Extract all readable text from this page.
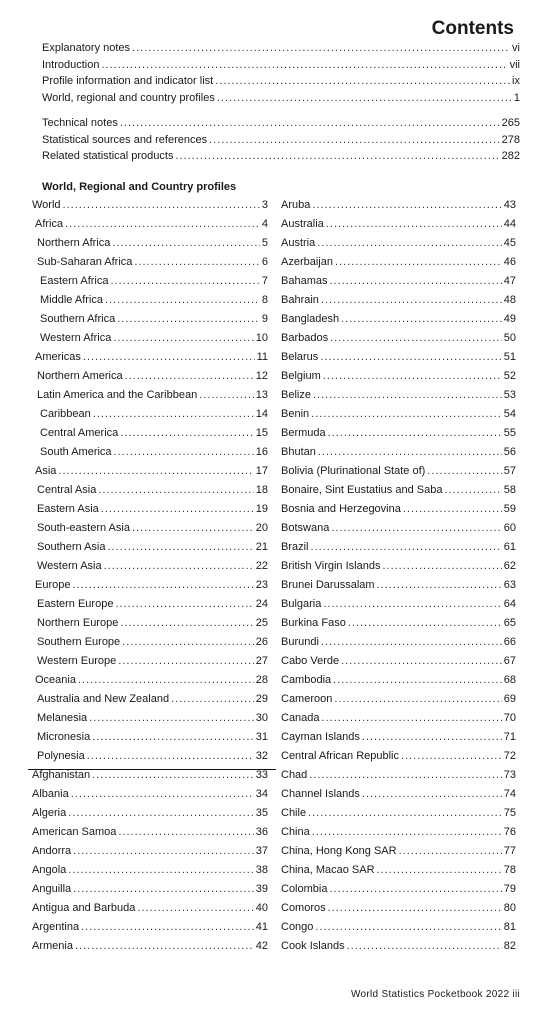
Contents
Explanatory notes .....	vi
Introduction .....	vii
Profile information and indicator list .....	ix
World, regional and country profiles .....	1
Technical notes .....	265
Statistical sources and references .....	278
Related statistical products .....	282
World, Regional and Country profiles
World .....	3
Africa .....	4
Northern Africa .....	5
Sub-Saharan Africa .....	6
Eastern Africa .....	7
Middle Africa .....	8
Southern Africa .....	9
Western Africa .....	10
Americas .....	11
Northern America .....	12
Latin America and the Caribbean .....	13
Caribbean .....	14
Central America .....	15
South America .....	16
Asia .....	17
Central Asia .....	18
Eastern Asia .....	19
South-eastern Asia .....	20
Southern Asia .....	21
Western Asia .....	22
Europe .....	23
Eastern Europe .....	24
Northern Europe .....	25
Southern Europe .....	26
Western Europe .....	27
Oceania .....	28
Australia and New Zealand .....	29
Melanesia .....	30
Micronesia .....	31
Polynesia .....	32
Afghanistan .....	33
Albania .....	34
Algeria .....	35
American Samoa .....	36
Andorra .....	37
Angola .....	38
Anguilla .....	39
Antigua and Barbuda .....	40
Argentina .....	41
Armenia .....	42
Aruba .....	43
Australia .....	44
Austria .....	45
Azerbaijan .....	46
Bahamas .....	47
Bahrain .....	48
Bangladesh .....	49
Barbados .....	50
Belarus .....	51
Belgium .....	52
Belize .....	53
Benin .....	54
Bermuda .....	55
Bhutan .....	56
Bolivia (Plurinational State of) .....	57
Bonaire, Sint Eustatius and Saba .....	58
Bosnia and Herzegovina .....	59
Botswana .....	60
Brazil .....	61
British Virgin Islands .....	62
Brunei Darussalam .....	63
Bulgaria .....	64
Burkina Faso .....	65
Burundi .....	66
Cabo Verde .....	67
Cambodia .....	68
Cameroon .....	69
Canada .....	70
Cayman Islands .....	71
Central African Republic .....	72
Chad .....	73
Channel Islands .....	74
Chile .....	75
China .....	76
China, Hong Kong SAR .....	77
China, Macao SAR .....	78
Colombia .....	79
Comoros .....	80
Congo .....	81
Cook Islands .....	82
World Statistics Pocketbook 2022 iii
